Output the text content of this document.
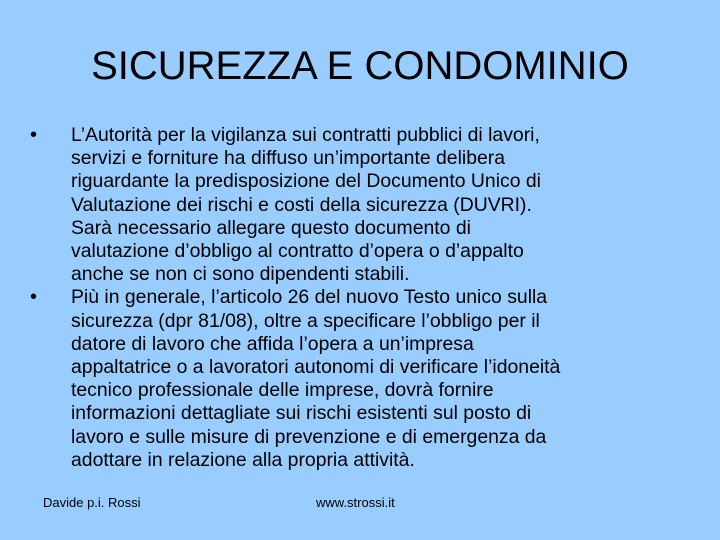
SICUREZZA E CONDOMINIO
• L’Autorità per la vigilanza sui contratti pubblici di lavori,
servizi e forniture ha diffuso un’importante delibera
riguardante la predisposizione del Documento Unico di
Valutazione dei rischi e costi della sicurezza (DUVRI).
Sarà necessario allegare questo documento di
valutazione d’obbligo al contratto d’opera o d’appalto
anche se non ci sono dipendenti stabili.
• Più in generale, l’articolo 26 del nuovo Testo unico sulla
sicurezza (dpr 81/08), oltre a specificare l’obbligo per il
datore di lavoro che affida l’opera a un’impresa
appaltatrice o a lavoratori autonomi di verificare l’idoneità
tecnico professionale delle imprese, dovrà fornire
informazioni dettagliate sui rischi esistenti sul posto di
lavoro e sulle misure di prevenzione e di emergenza da
adottare in relazione alla propria attività.
Davide p.i. Rossi	www.strossi.it
